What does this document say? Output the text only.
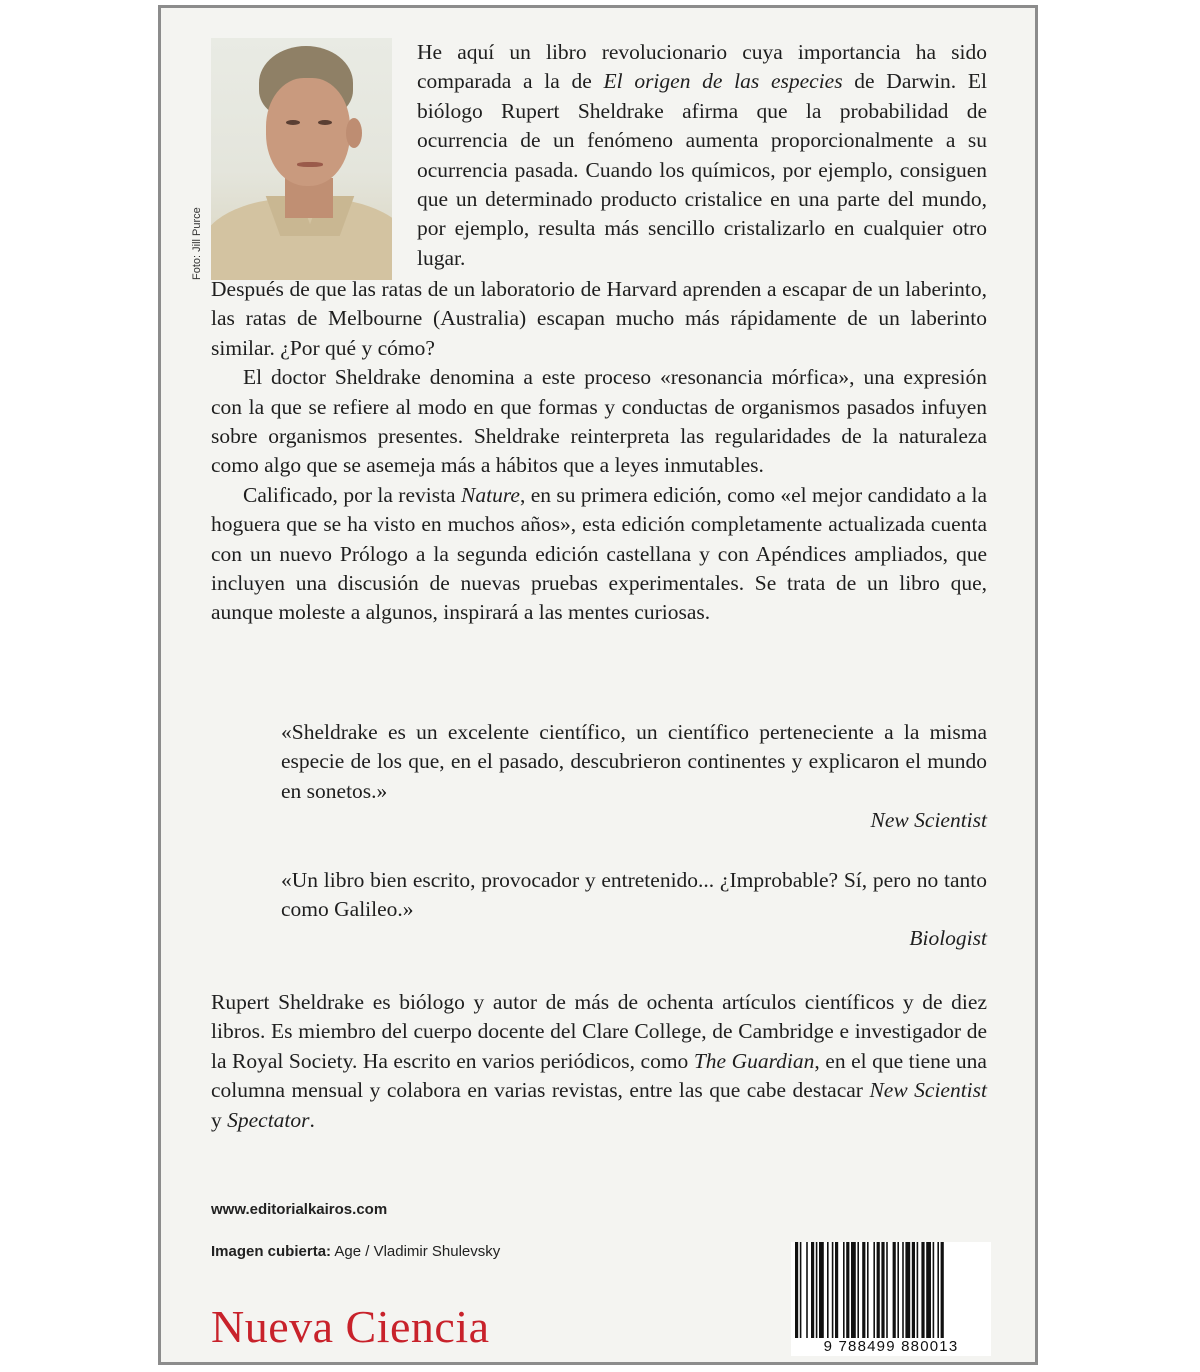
Foto: Jill Purce
He aquí un libro revolucionario cuya importancia ha sido comparada a la de El origen de las especies de Darwin. El biólogo Rupert Sheldrake afirma que la probabilidad de ocurrencia de un fenómeno aumenta proporcionalmente a su ocurrencia pasada. Cuando los químicos, por ejemplo, consiguen que un determinado producto cristalice en una parte del mundo, por ejemplo, resulta más sencillo cristalizarlo en cualquier otro lugar.

Después de que las ratas de un laboratorio de Harvard aprenden a escapar de un laberinto, las ratas de Melbourne (Australia) escapan mucho más rápidamente de un laberinto similar. ¿Por qué y cómo?

El doctor Sheldrake denomina a este proceso «resonancia mórfica», una expresión con la que se refiere al modo en que formas y conductas de organismos pasados infuyen sobre organismos presentes. Sheldrake reinterpreta las regularidades de la naturaleza como algo que se asemeja más a hábitos que a leyes inmutables.

Calificado, por la revista Nature, en su primera edición, como «el mejor candidato a la hoguera que se ha visto en muchos años», esta edición completamente actualizada cuenta con un nuevo Prólogo a la segunda edición castellana y con Apéndices ampliados, que incluyen una discusión de nuevas pruebas experimentales. Se trata de un libro que, aunque moleste a algunos, inspirará a las mentes curiosas.

«Sheldrake es un excelente científico, un científico perteneciente a la misma especie de los que, en el pasado, descubrieron continentes y explicaron el mundo en sonetos.»

New Scientist

«Un libro bien escrito, provocador y entretenido... ¿Improbable? Sí, pero no tanto como Galileo.»

Biologist

Rupert Sheldrake es biólogo y autor de más de ochenta artículos científicos y de diez libros. Es miembro del cuerpo docente del Clare College, de Cambridge e investigador de la Royal Society. Ha escrito en varios periódicos, como The Guardian, en el que tiene una columna mensual y colabora en varias revistas, entre las que cabe destacar New Scientist y Spectator.
www.editorialkairos.com
Imagen cubierta: Age / Vladimir Shulevsky
Nueva Ciencia	9 788499 880013
